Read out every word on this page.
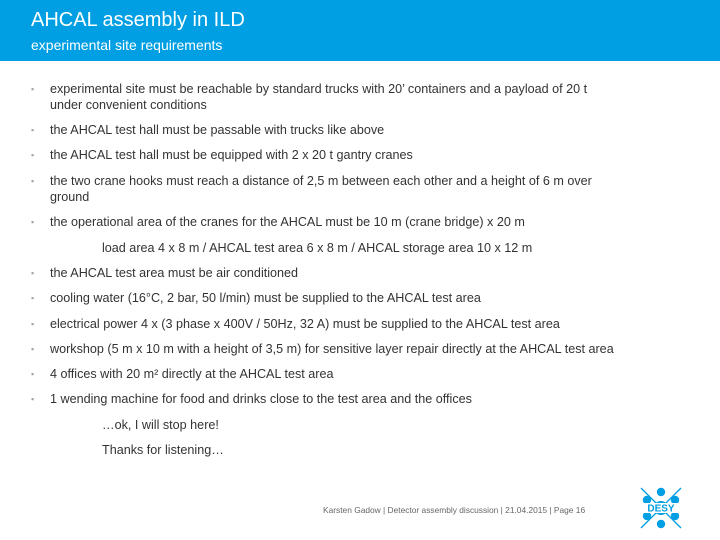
AHCAL assembly in ILD
experimental site requirements
▪ experimental site must be reachable by standard trucks with 20’ containers and a payload of 20 t
under convenient conditions
▪ the AHCAL test hall must be passable with trucks like above
▪ the AHCAL test hall must be equipped with 2 x 20 t gantry cranes
▪ the two crane hooks must reach a distance of 2,5 m between each other and a height of 6 m over
ground
▪ the operational area of the cranes for the AHCAL must be 10 m (crane bridge) x 20 m
load area 4 x 8 m / AHCAL test area 6 x 8 m / AHCAL storage area 10 x 12 m
▪ the AHCAL test area must be air conditioned
▪ cooling water (16°C, 2 bar, 50 l/min) must be supplied to the AHCAL test area
▪ electrical power 4 x (3 phase x 400V / 50Hz, 32 A) must be supplied to the AHCAL test area
▪ workshop (5 m x 10 m with a height of 3,5 m) for sensitive layer repair directly at the AHCAL test area
▪ 4 offices with 20 m² directly at the AHCAL test area
▪ 1 wending machine for food and drinks close to the test area and the offices
…ok, I will stop here!
Thanks for listening…
Karsten Gadow | Detector assembly discussion | 21.04.2015 | Page 16	DESY
